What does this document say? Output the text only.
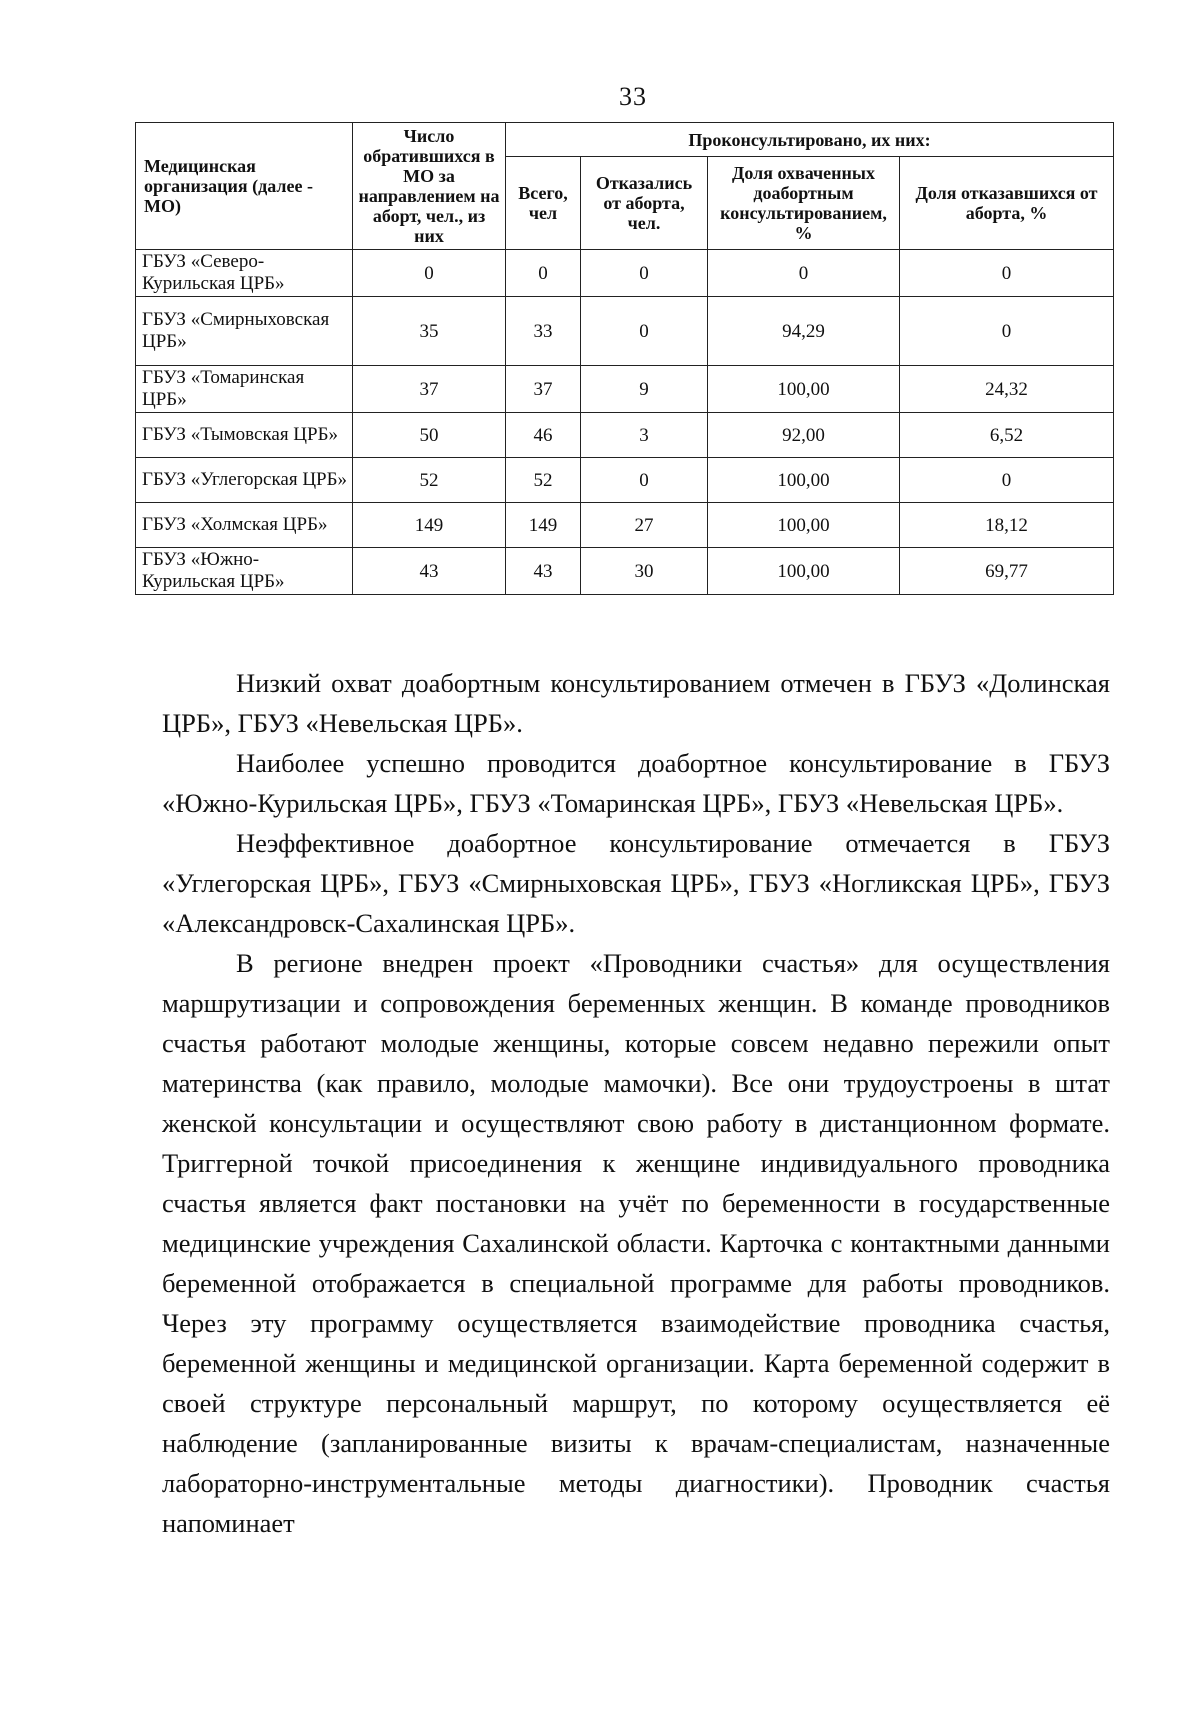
33
Медицинская организация (далее - МО)	Число обратившихся в МО за направлением на аборт, чел., из них	Проконсультировано, их них:			
		Всего, чел	Отказались от аборта, чел.	Доля охваченных доабортным консультированием, %	Доля отказавшихся от аборта, %
ГБУЗ «Северо-Курильская ЦРБ»	0	0	0	0	0
ГБУЗ «Смирныховская ЦРБ»	35	33	0	94,29	0
ГБУЗ «Томаринская ЦРБ»	37	37	9	100,00	24,32
ГБУЗ «Тымовская ЦРБ»	50	46	3	92,00	6,52
ГБУЗ «Углегорская ЦРБ»	52	52	0	100,00	0
ГБУЗ «Холмская ЦРБ»	149	149	27	100,00	18,12
ГБУЗ «Южно-Курильская ЦРБ»	43	43	30	100,00	69,77

Низкий охват доабортным консультированием отмечен в ГБУЗ «Долинская ЦРБ», ГБУЗ «Невельская ЦРБ».

Наиболее успешно проводится доабортное консультирование в ГБУЗ «Южно-Курильская ЦРБ», ГБУЗ «Томаринская ЦРБ», ГБУЗ «Невельская ЦРБ».

Неэффективное доабортное консультирование отмечается в ГБУЗ «Углегорская ЦРБ», ГБУЗ «Смирныховская ЦРБ», ГБУЗ «Ногликская ЦРБ», ГБУЗ «Александровск-Сахалинская ЦРБ».

В регионе внедрен проект «Проводники счастья» для осуществления маршрутизации и сопровождения беременных женщин. В команде проводников счастья работают молодые женщины, которые совсем недавно пережили опыт материнства (как правило, молодые мамочки). Все они трудоустроены в штат женской консультации и осуществляют свою работу в дистанционном формате. Триггерной точкой присоединения к женщине индивидуального проводника счастья является факт постановки на учёт по беременности в государственные медицинские учреждения Сахалинской области. Карточка с контактными данными беременной отображается в специальной программе для работы проводников. Через эту программу осуществляется взаимодействие проводника счастья, беременной женщины и медицинской организации. Карта беременной содержит в своей структуре персональный маршрут, по которому осуществляется её наблюдение (запланированные визиты к врачам-специалистам, назначенные лабораторно-инструментальные методы диагностики). Проводник счастья напоминает
